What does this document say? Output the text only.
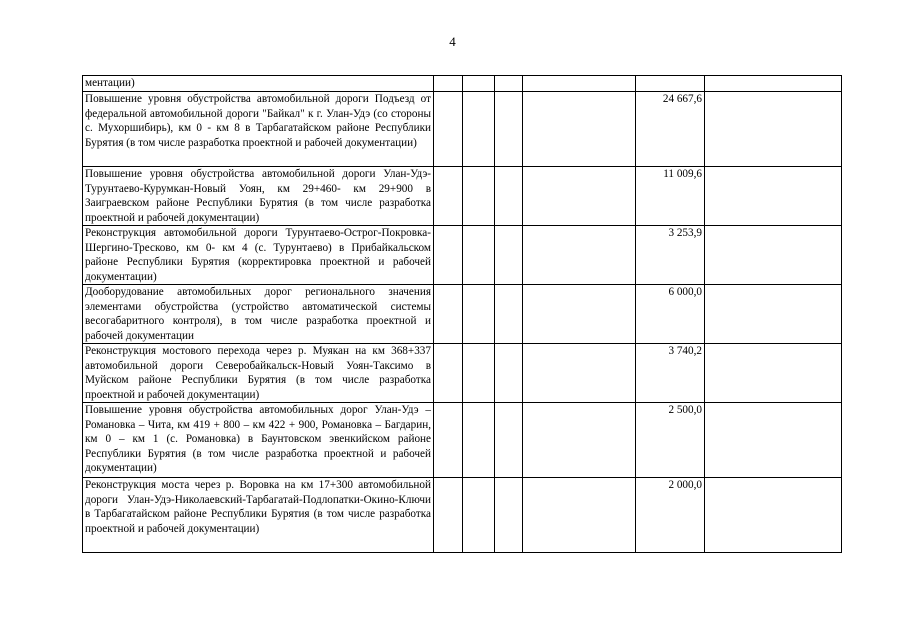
4
ментации)						
Повышение уровня обустройства автомобильной дороги Подъезд от федеральной автомобильной дороги "Байкал" к г. Улан-Удэ (со стороны с. Мухоршибирь), км 0 - км 8 в Тарбагатайском районе Республики Бурятия (в том числе разработка проектной и рабочей документации)					24 667,6	
Повышение уровня обустройства автомобильной дороги Улан-Удэ-Турунтаево-Курумкан-Новый Уоян, км 29+460- км 29+900 в Заиграевском районе Республики Бурятия (в том числе разработка проектной и рабочей документации)					11 009,6	
Реконструкция автомобильной дороги Турунтаево-Острог-Покровка-Шергино-Тресково, км 0- км 4 (с. Турунтаево) в Прибайкальском районе Республики Бурятия (корректировка проектной и рабочей документации)					3 253,9	
Дооборудование автомобильных дорог регионального значения элементами обустройства (устройство автоматической системы весогабаритного контроля), в том числе разработка проектной и рабочей документации					6 000,0	
Реконструкция мостового перехода через р. Муякан на км 368+337 автомобильной дороги Северобайкальск-Новый Уоян-Таксимо в Муйском районе Республики Бурятия (в том числе разработка проектной и рабочей документации)					3 740,2	
Повышение уровня обустройства автомобильных дорог Улан-Удэ – Романовка – Чита, км 419 + 800 – км 422 + 900, Романовка – Багдарин, км 0 – км 1 (с. Романовка) в Баунтовском эвенкийском районе Республики Бурятия (в том числе разработка проектной и рабочей документации)					2 500,0	
Реконструкция моста через р. Воровка на км 17+300 автомобильной дороги Улан-Удэ-Николаевский-Тарбагатай-Подлопатки-Окино-Ключи в Тарбагатайском районе Республики Бурятия (в том числе разработка проектной и рабочей документации)					2 000,0	
